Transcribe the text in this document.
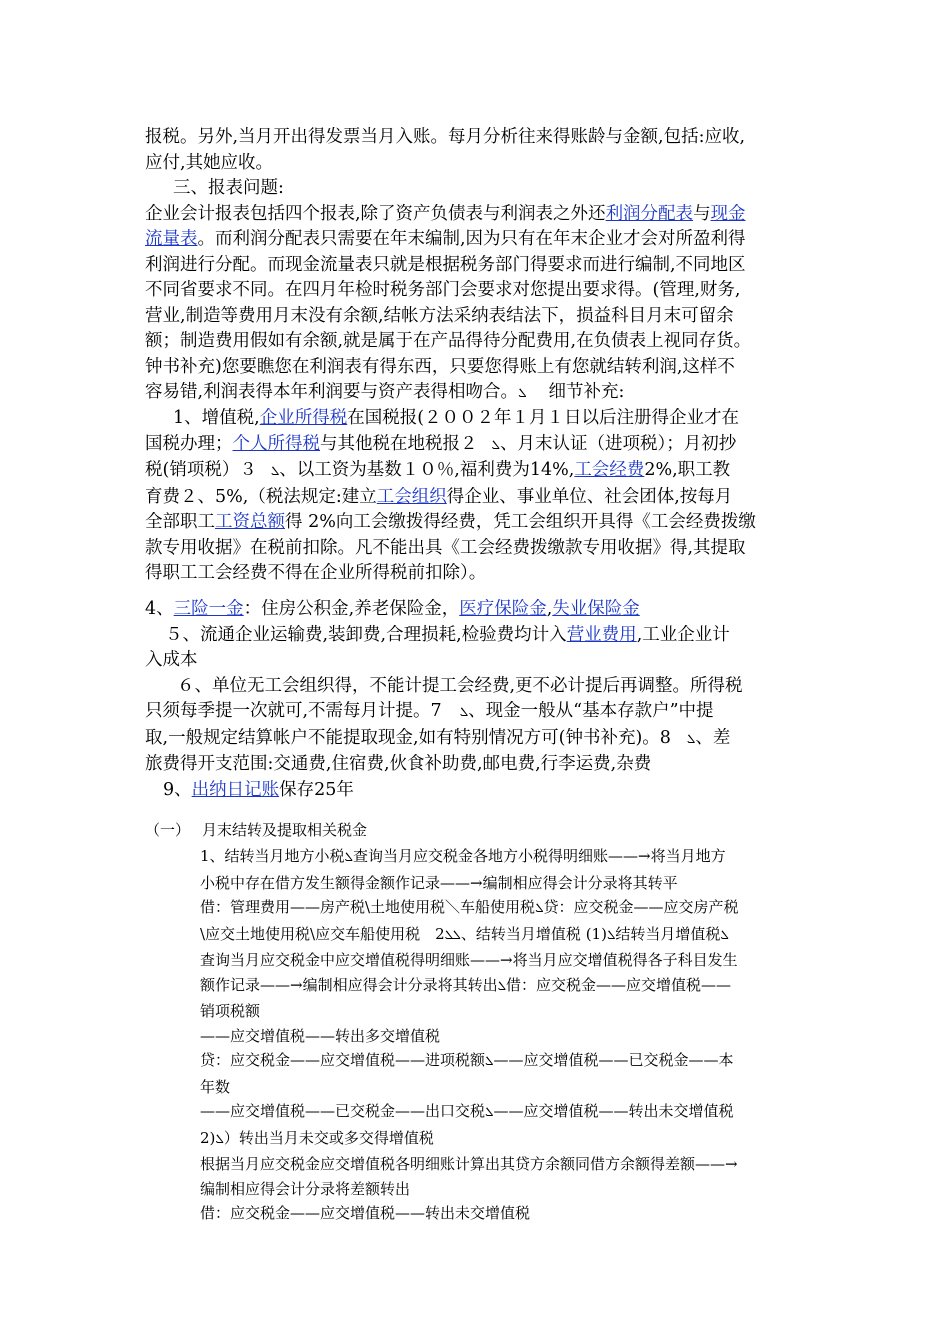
报税。另外,当月开出得发票当月入账。每月分析往来得账龄与金额,包括:应收,
应付,其她应收。
三、报表问题:
企业会计报表包括四个报表,除了资产负债表与利润表之外还利润分配表与现金
流量表。而利润分配表只需要在年末编制,因为只有在年末企业才会对所盈利得
利润进行分配。而现金流量表只就是根据税务部门得要求而进行编制,不同地区
不同省要求不同。在四月年检时税务部门会要求对您提出要求得。(管理,财务,
营业,制造等费用月末没有余额,结帐方法采纳表结法下，损益科目月末可留余
额；制造费用假如有余额,就是属于在产品得待分配费用,在负债表上视同存货。
钟书补充)您要瞧您在利润表有得东西，只要您得账上有您就结转利润,这样不
容易错,利润表得本年利润要与资产表得相吻合。ܠ 细节补充:
1、增值税,企业所得税在国税报(２００２年１月１日以后注册得企业才在
国税办理；个人所得税与其他税在地税报２ ܠ、月末认证（进项税）；月初抄
税(销项税）３ ܠ、以工资为基数１０％,福利费为14%,工会经费2%,职工教
育费２、5%,（税法规定:建立工会组织得企业、事业单位、社会团体,按每月
全部职工工资总额得 2%向工会缴拨得经费，凭工会组织开具得《工会经费拨缴
款专用收据》在税前扣除。凡不能出具《工会经费拨缴款专用收据》得,其提取
得职工工会经费不得在企业所得税前扣除）。
4、三险一金：住房公积金,养老保险金，医疗保险金,失业保险金
５、流通企业运输费,装卸费,合理损耗,检验费均计入营业费用,工业企业计
入成本
６、单位无工会组织得，不能计提工会经费,更不必计提后再调整。所得税
只须每季提一次就可,不需每月计提。7 ܠ、现金一般从“基本存款户”中提
取,一般规定结算帐户不能提取现金,如有特别情况方可(钟书补充)。8 ܠ、差
旅费得开支范围:交通费,住宿费,伙食补助费,邮电费,行李运费,杂费
9、出纳日记账保存25年
（一） 月末结转及提取相关税金
1、结转当月地方小税ܠ查询当月应交税金各地方小税得明细账——→将当月地方
小税中存在借方发生额得金额作记录——→编制相应得会计分录将其转平
借：管理费用——房产税\土地使用税＼车船使用税ܠ贷：应交税金——应交房产税
\应交土地使用税\应交车船使用税　2 ܠܠ 、结转当月增值税 (1)ܠ结转当月增值税ܠ
查询当月应交税金中应交增值税得明细账——→将当月应交增值税得各子科目发生
额作记录——→编制相应得会计分录将其转出ܠ借：应交税金——应交增值税——
销项税额
——应交增值税——转出多交增值税
贷：应交税金——应交增值税——进项税额ܠ——应交增值税——已交税金——本
年数
——应交增值税——已交税金——出口交税ܠ——应交增值税——转出未交增值税
2)ܠ）转出当月未交或多交得增值税
根据当月应交税金应交增值税各明细账计算出其贷方余额同借方余额得差额——→
编制相应得会计分录将差额转出
借：应交税金——应交增值税——转出未交增值税
